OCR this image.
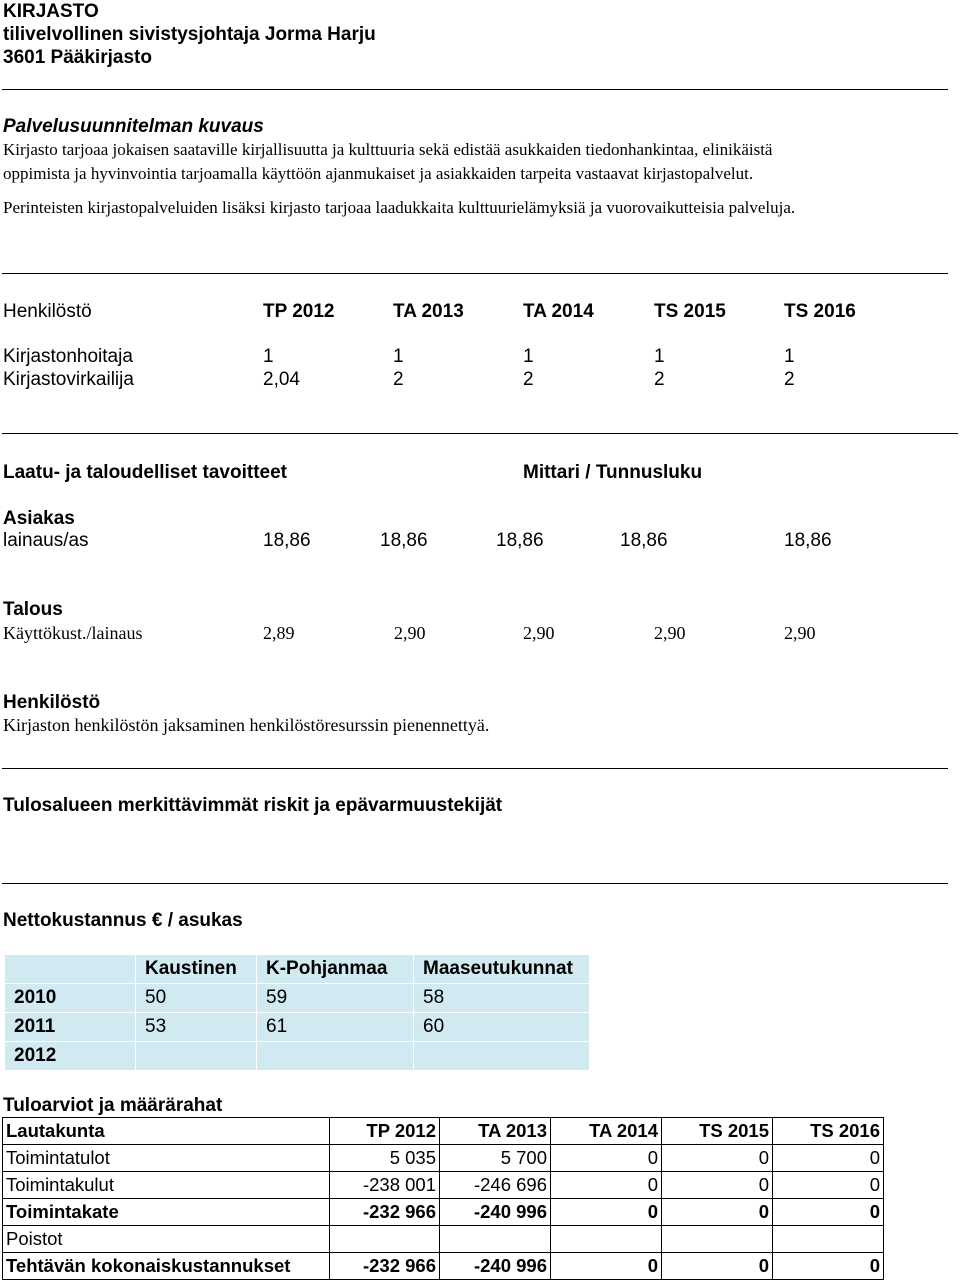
KIRJASTO
tilivelvollinen sivistysjohtaja Jorma Harju
3601 Pääkirjasto
Palvelusuunnitelman kuvaus
Kirjasto tarjoaa jokaisen saataville kirjallisuutta ja kulttuuria sekä edistää asukkaiden tiedonhankintaa, elinikäistä
oppimista ja hyvinvointia tarjoamalla käyttöön ajanmukaiset ja asiakkaiden tarpeita vastaavat kirjastopalvelut.
Perinteisten kirjastopalveluiden lisäksi kirjasto tarjoaa laadukkaita kulttuurielämyksiä ja vuorovaikutteisia palveluja.
Henkilöstö	TP 2012	TA 2013	TA 2014	TS 2015	TS 2016
Kirjastonhoitaja	1	1	1	1	1
Kirjastovirkailija	2,04	2	2	2	2
Laatu- ja taloudelliset tavoitteet	Mittari / Tunnusluku
Asiakas
lainaus/as	18,86	18,86	18,86	18,86	18,86
Talous
Käyttökust./lainaus	2,89	2,90	2,90	2,90	2,90
Henkilöstö
Kirjaston henkilöstön jaksaminen henkilöstöresurssin pienennettyä.
Tulosalueen merkittävimmät riskit ja epävarmuustekijät
Nettokustannus € / asukas
	Kaustinen	K-Pohjanmaa	Maaseutukunnat
2010	50	59	58
2011	53	61	60
2012			
Tuloarviot ja määrärahat
Lautakunta	TP 2012	TA 2013	TA 2014	TS 2015	TS 2016
Toimintatulot	5 035	5 700	0	0	0
Toimintakulut	-238 001	-246 696	0	0	0
Toimintakate	-232 966	-240 996	0	0	0
Poistot					
Tehtävän kokonaiskustannukset	-232 966	-240 996	0	0	0
